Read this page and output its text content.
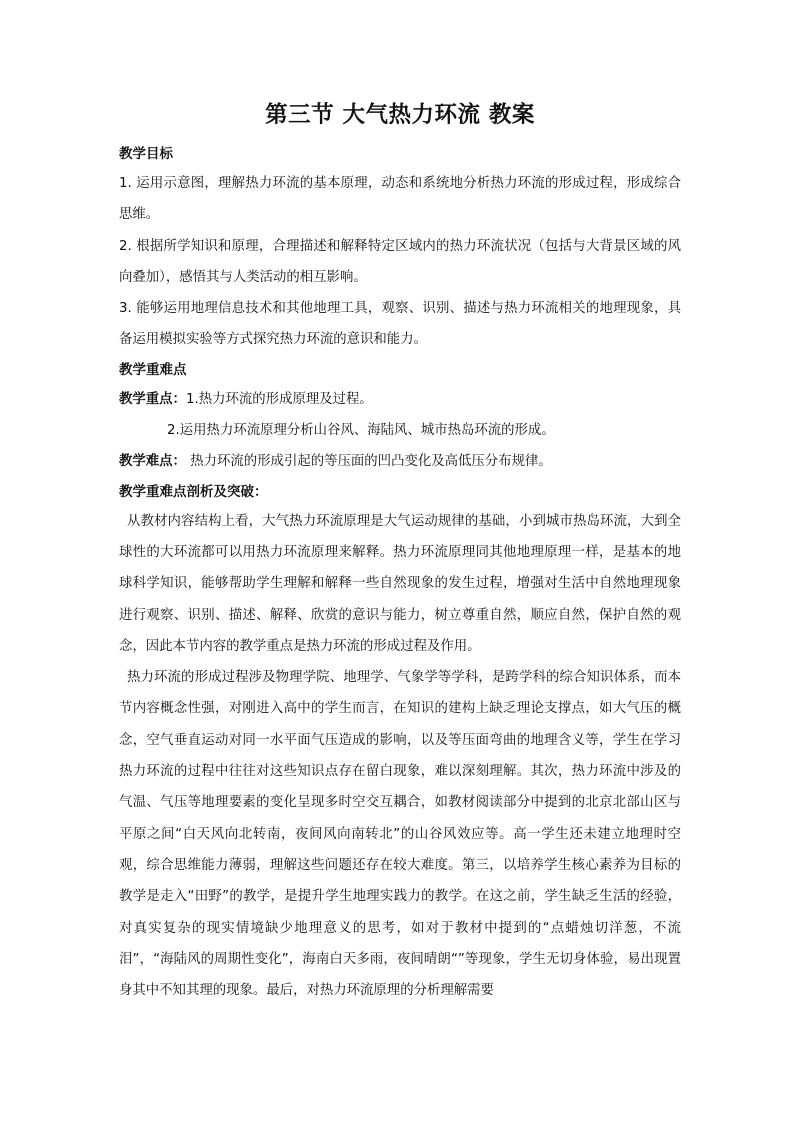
第三节 大气热力环流 教案
教学目标

1. 运用示意图，理解热力环流的基本原理，动态和系统地分析热力环流的形成过程，形成综合思维。

2. 根据所学知识和原理，合理描述和解释特定区域内的热力环流状况（包括与大背景区域的风向叠加），感悟其与人类活动的相互影响。

3. 能够运用地理信息技术和其他地理工具，观察、识别、描述与热力环流相关的地理现象，具备运用模拟实验等方式探究热力环流的意识和能力。

教学重难点

教学重点：1.热力环流的形成原理及过程。

2.运用热力环流原理分析山谷风、海陆风、城市热岛环流的形成。

教学难点： 热力环流的形成引起的等压面的凹凸变化及高低压分布规律。

教学重难点剖析及突破：

从教材内容结构上看，大气热力环流原理是大气运动规律的基础，小到城市热岛环流，大到全球性的大环流都可以用热力环流原理来解释。热力环流原理同其他地理原理一样，是基本的地球科学知识，能够帮助学生理解和解释一些自然现象的发生过程，增强对生活中自然地理现象进行观察、识别、描述、解释、欣赏的意识与能力，树立尊重自然，顺应自然，保护自然的观念，因此本节内容的教学重点是热力环流的形成过程及作用。

热力环流的形成过程涉及物理学院、地理学、气象学等学科，是跨学科的综合知识体系，而本节内容概念性强，对刚进入高中的学生而言，在知识的建构上缺乏理论支撑点，如大气压的概念，空气垂直运动对同一水平面气压造成的影响，以及等压面弯曲的地理含义等，学生在学习热力环流的过程中往往对这些知识点存在留白现象，难以深刻理解。其次，热力环流中涉及的气温、气压等地理要素的变化呈现多时空交互耦合，如教材阅读部分中提到的北京北部山区与平原之间“白天风向北转南，夜间风向南转北”的山谷风效应等。高一学生还未建立地理时空观，综合思维能力薄弱，理解这些问题还存在较大难度。第三，以培养学生核心素养为目标的教学是走入“田野”的教学，是提升学生地理实践力的教学。在这之前，学生缺乏生活的经验，对真实复杂的现实情境缺少地理意义的思考，如对于教材中提到的“点蜡烛切洋葱，不流泪”，“海陆风的周期性变化”，海南白天多雨，夜间晴朗“”等现象，学生无切身体验，易出现置身其中不知其理的现象。最后，对热力环流原理的分析理解需要
